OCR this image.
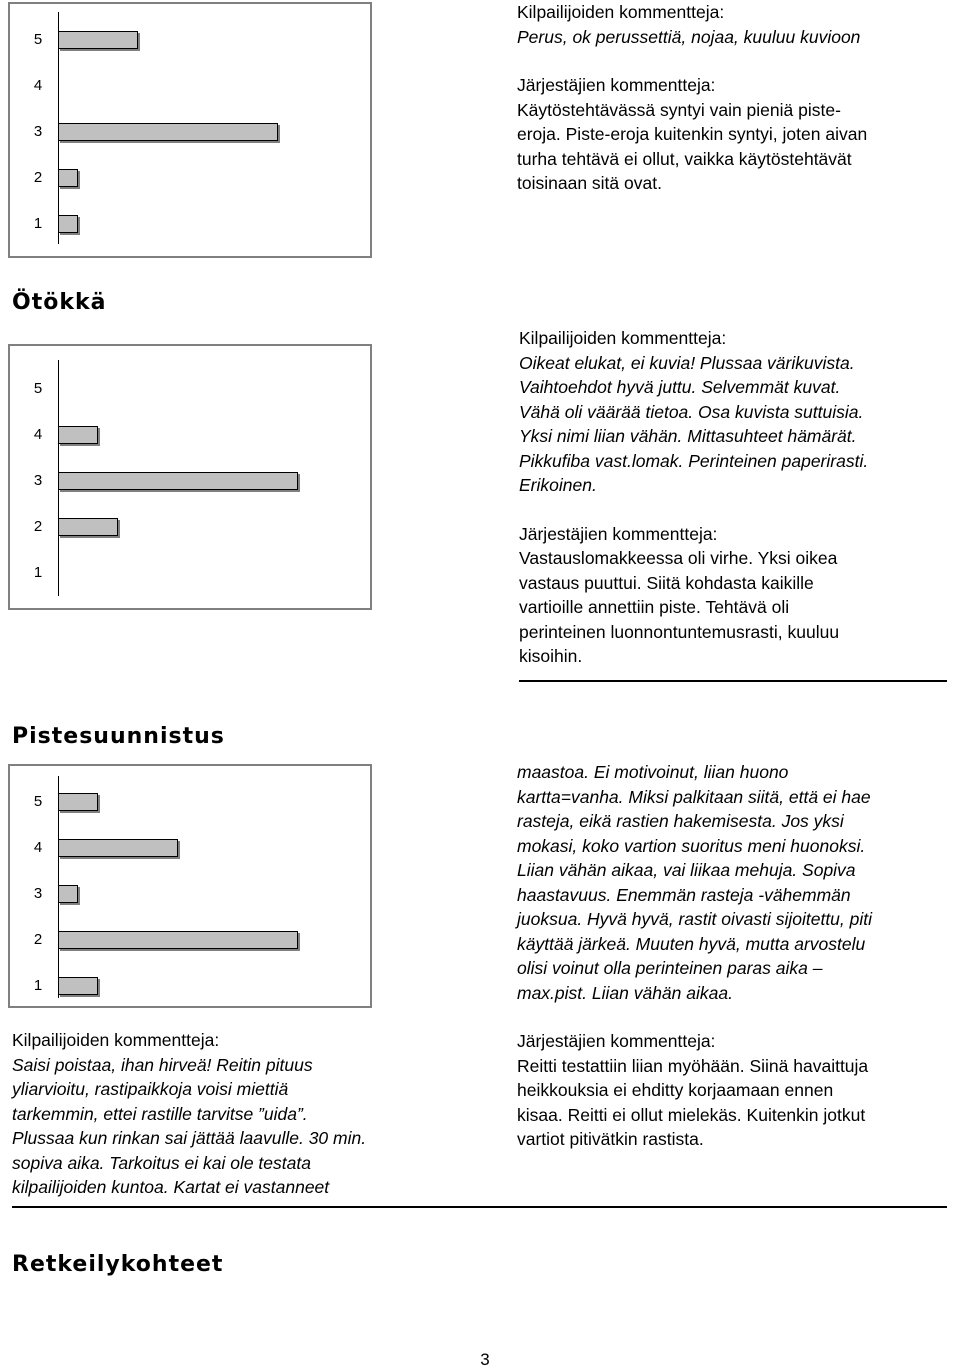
5
4
3
2
1
Kilpailijoiden kommentteja:
Perus, ok perussettiä, nojaa, kuuluu kuvioon
Järjestäjien kommentteja:
Käytöstehtävässä syntyi vain pieniä piste-
eroja. Piste-eroja kuitenkin syntyi, joten aivan
turha tehtävä ei ollut, vaikka käytöstehtävät
toisinaan sitä ovat.
Ötökkä
5
4
3
2
1
Kilpailijoiden kommentteja:
Oikeat elukat, ei kuvia! Plussaa värikuvista.
Vaihtoehdot hyvä juttu. Selvemmät kuvat.
Vähä oli väärää tietoa. Osa kuvista suttuisia.
Yksi nimi liian vähän. Mittasuhteet hämärät.
Pikkufiba vast.lomak. Perinteinen paperirasti.
Erikoinen.
Järjestäjien kommentteja:
Vastauslomakkeessa oli virhe. Yksi oikea
vastaus puuttui. Siitä kohdasta kaikille
vartioille annettiin piste. Tehtävä oli
perinteinen luonnontuntemusrasti, kuuluu
kisoihin.
Pistesuunnistus
5
4
3
2
1
Kilpailijoiden kommentteja:
Saisi poistaa, ihan hirveä! Reitin pituus
yliarvioitu, rastipaikkoja voisi miettiä
tarkemmin, ettei rastille tarvitse ”uida”.
Plussaa kun rinkan sai jättää laavulle. 30 min.
sopiva aika. Tarkoitus ei kai ole testata
kilpailijoiden kuntoa. Kartat ei vastanneet
maastoa. Ei motivoinut, liian huono
kartta=vanha. Miksi palkitaan siitä, että ei hae
rasteja, eikä rastien hakemisesta. Jos yksi
mokasi, koko vartion suoritus meni huonoksi.
Liian vähän aikaa, vai liikaa mehuja. Sopiva
haastavuus. Enemmän rasteja -vähemmän
juoksua. Hyvä hyvä, rastit oivasti sijoitettu, piti
käyttää järkeä. Muuten hyvä, mutta arvostelu
olisi voinut olla perinteinen paras aika –
max.pist. Liian vähän aikaa.
Järjestäjien kommentteja:
Reitti testattiin liian myöhään. Siinä havaittuja
heikkouksia ei ehditty korjaamaan ennen
kisaa. Reitti ei ollut mielekäs. Kuitenkin jotkut
vartiot pitivätkin rastista.
Retkeilykohteet
3
